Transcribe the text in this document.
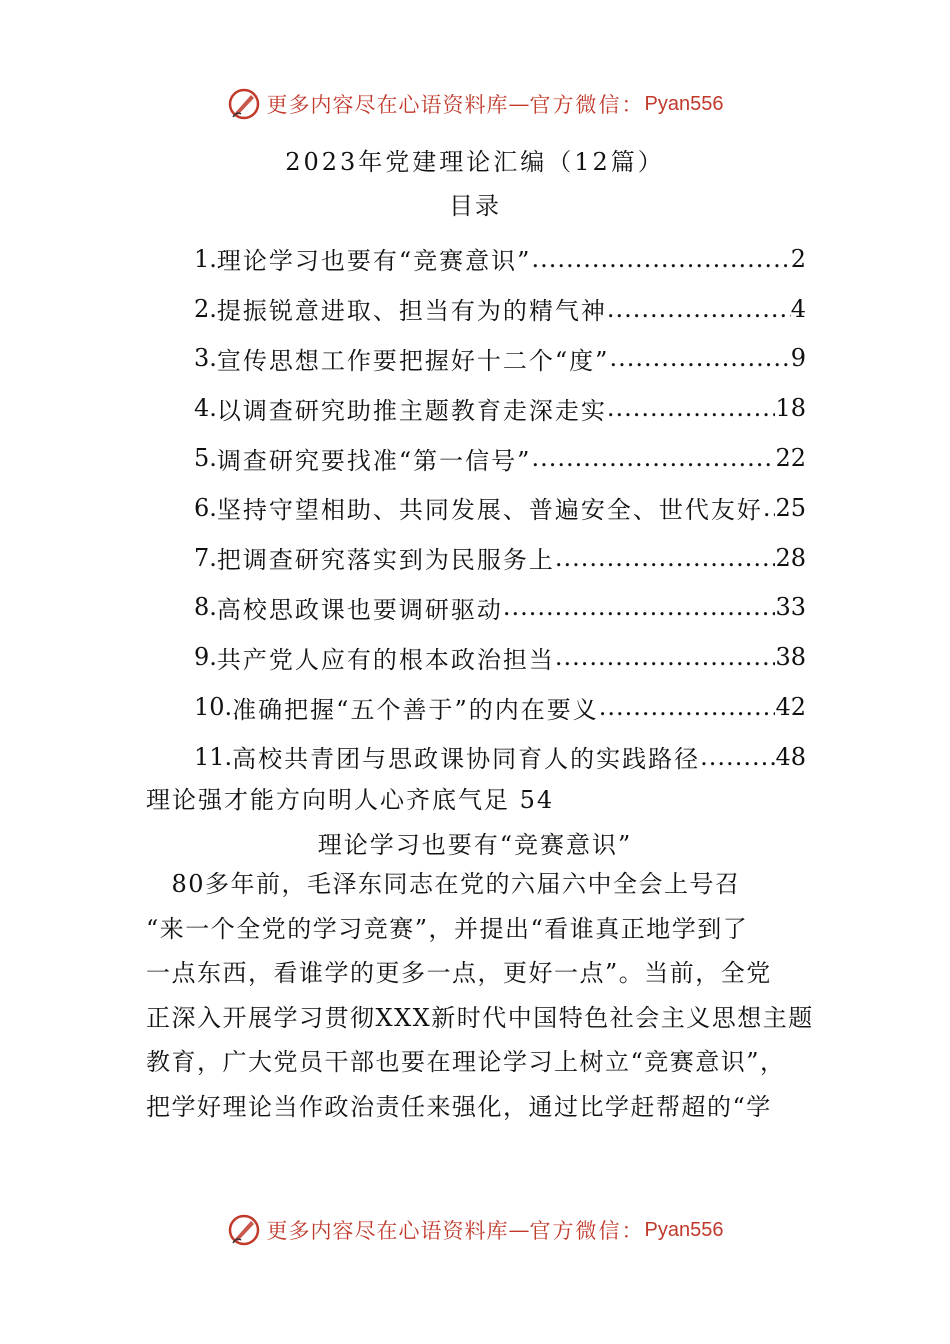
更多内容尽在心语资料库 — 官方微信： Pyan556
2023年党建理论汇编（12篇）
目录
1. 理论学习也要有“竞赛意识” .....	2
2. 提振锐意进取、担当有为的精气神 .....	4
3. 宣传思想工作要把握好十二个“度” .....	9
4. 以调查研究助推主题教育走深走实 .....	18
5. 调查研究要找准“第一信号” .....	22
6. 坚持守望相助、共同发展、普遍安全、世代友好 ..... 25
7. 把调查研究落实到为民服务上 .....	28
8. 高校思政课也要调研驱动 .....	33
9. 共产党人应有的根本政治担当 .....	38
10. 准确把握“五个善于”的内在要义 .....	42
11. 高校共青团与思政课协同育人的实践路径 .....	48
理论强才能方向明人心齐底气足 54
理论学习也要有“竞赛意识”
　80多年前，毛泽东同志在党的六届六中全会上号召
“来一个全党的学习竞赛”，并提出“看谁真正地学到了
一点东西，看谁学的更多一点，更好一点”。当前，全党
正深入开展学习贯彻XXX新时代中国特色社会主义思想主题
教育，广大党员干部也要在理论学习上树立“竞赛意识”，
把学好理论当作政治责任来强化，通过比学赶帮超的“学
更多内容尽在心语资料库 — 官方微信： Pyan556
